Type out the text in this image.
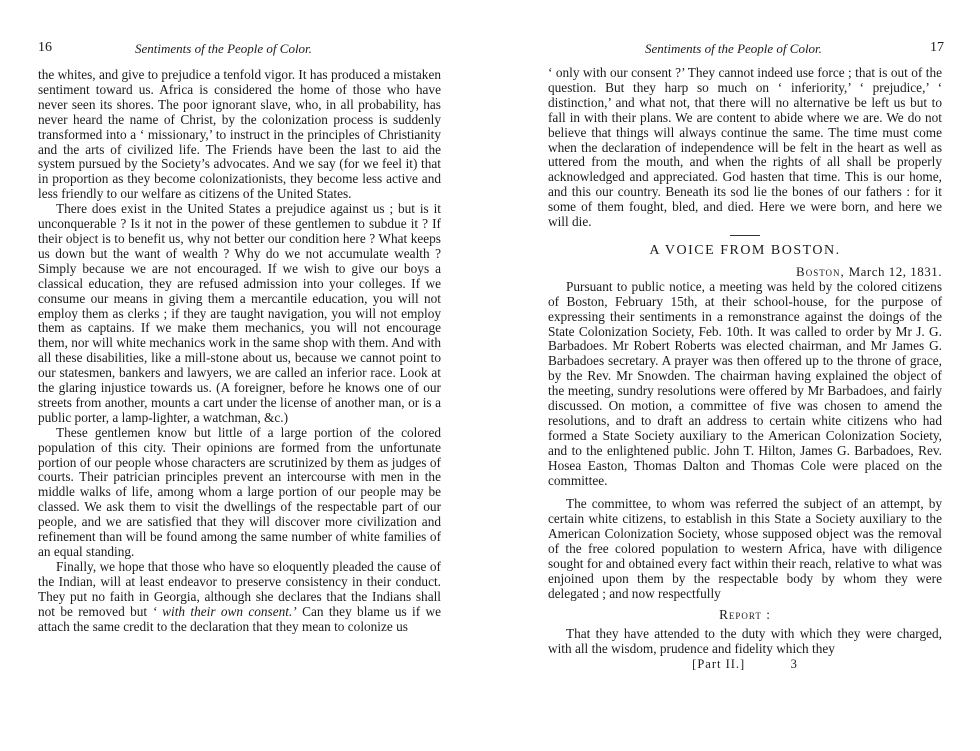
16	Sentiments of the People of Color.

the whites, and give to prejudice a tenfold vigor. It has produced a mistaken sentiment toward us. Africa is considered the home of those who have never seen its shores. The poor ignorant slave, who, in all probability, has never heard the name of Christ, by the colonization process is suddenly transformed into a ‘ missionary,’ to instruct in the principles of Christianity and the arts of civilized life. The Friends have been the last to aid the system pursued by the Society’s advocates. And we say (for we feel it) that in proportion as they become colonizationists, they become less active and less friendly to our welfare as citizens of the United States.

There does exist in the United States a prejudice against us ; but is it unconquerable ? Is it not in the power of these gentlemen to subdue it ? If their object is to benefit us, why not better our condition here ? What keeps us down but the want of wealth ? Why do we not accumulate wealth ? Simply because we are not encouraged. If we wish to give our boys a classical education, they are refused admission into your colleges. If we consume our means in giving them a mercantile education, you will not employ them as clerks ; if they are taught navigation, you will not employ them as captains. If we make them mechanics, you will not encourage them, nor will white mechanics work in the same shop with them. And with all these disabilities, like a mill-stone about us, because we cannot point to our statesmen, bankers and lawyers, we are called an inferior race. Look at the glaring injustice towards us. (A foreigner, before he knows one of our streets from another, mounts a cart under the license of another man, or is a public porter, a lamp-lighter, a watchman, &c.)

These gentlemen know but little of a large portion of the colored population of this city. Their opinions are formed from the unfortunate portion of our people whose characters are scrutinized by them as judges of courts. Their patrician principles prevent an intercourse with men in the middle walks of life, among whom a large portion of our people may be classed. We ask them to visit the dwellings of the respectable part of our people, and we are satisfied that they will discover more civilization and refinement than will be found among the same number of white families of an equal standing.

Finally, we hope that those who have so eloquently pleaded the cause of the Indian, will at least endeavor to preserve consistency in their conduct. They put no faith in Georgia, although she declares that the Indians shall not be removed but ‘ with their own consent.’ Can they blame us if we attach the same credit to the declaration that they mean to colonize us

Sentiments of the People of Color.	17

‘ only with our consent ?’ They cannot indeed use force ; that is out of the question. But they harp so much on ‘ inferiority,’ ‘ prejudice,’ ‘ distinction,’ and what not, that there will no alternative be left us but to fall in with their plans. We are content to abide where we are. We do not believe that things will always continue the same. The time must come when the declaration of independence will be felt in the heart as well as uttered from the mouth, and when the rights of all shall be properly acknowledged and appreciated. God hasten that time. This is our home, and this our country. Beneath its sod lie the bones of our fathers : for it some of them fought, bled, and died. Here we were born, and here we will die.

A VOICE FROM BOSTON.
Boston, March 12, 1831.

Pursuant to public notice, a meeting was held by the colored citizens of Boston, February 15th, at their school-house, for the purpose of expressing their sentiments in a remonstrance against the doings of the State Colonization Society, Feb. 10th. It was called to order by Mr J. G. Barbadoes. Mr Robert Roberts was elected chairman, and Mr James G. Barbadoes secretary. A prayer was then offered up to the throne of grace, by the Rev. Mr Snowden. The chairman having explained the object of the meeting, sundry resolutions were offered by Mr Barbadoes, and fairly discussed. On motion, a committee of five was chosen to amend the resolutions, and to draft an address to certain white citizens who had formed a State Society auxiliary to the American Colonization Society, and to the enlightened public. John T. Hilton, James G. Barbadoes, Rev. Hosea Easton, Thomas Dalton and Thomas Cole were placed on the committee.

The committee, to whom was referred the subject of an attempt, by certain white citizens, to establish in this State a Society auxiliary to the American Colonization Society, whose supposed object was the removal of the free colored population to western Africa, have with diligence sought for and obtained every fact within their reach, relative to what was enjoined upon them by the respectable body by whom they were delegated ; and now respectfully

Report :

That they have attended to the duty with which they were charged, with all the wisdom, prudence and fidelity which they

[Part II.]	3
